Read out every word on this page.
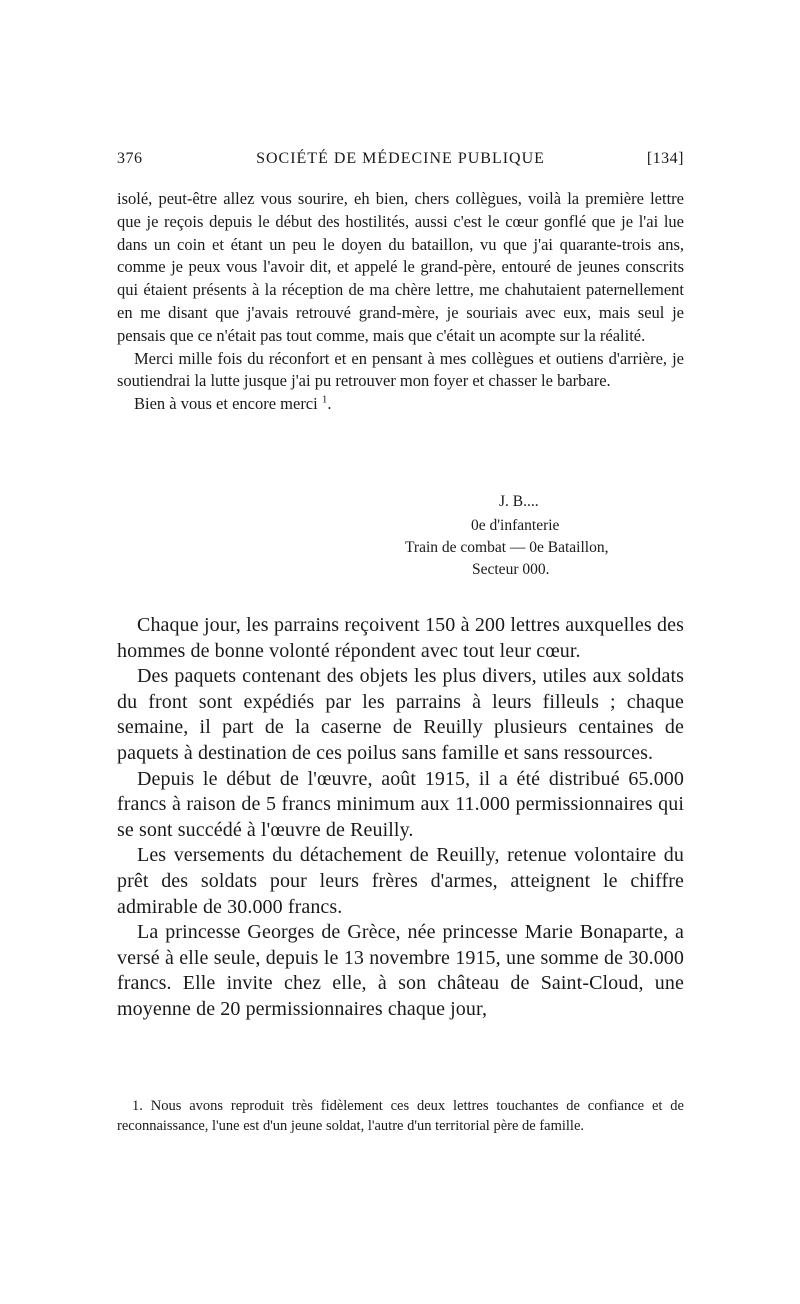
376	SOCIÉTÉ DE MÉDECINE PUBLIQUE	[134]

isolé, peut-être allez vous sourire, eh bien, chers collègues, voilà la première lettre que je reçois depuis le début des hostilités, aussi c'est le cœur gonflé que je l'ai lue dans un coin et étant un peu le doyen du bataillon, vu que j'ai quarante-trois ans, comme je peux vous l'avoir dit, et appelé le grand-père, entouré de jeunes conscrits qui étaient présents à la réception de ma chère lettre, me chahutaient paternellement en me disant que j'avais retrouvé grand-mère, je souriais avec eux, mais seul je pensais que ce n'était pas tout comme, mais que c'était un acompte sur la réalité.

Merci mille fois du réconfort et en pensant à mes collègues et outiens d'arrière, je soutiendrai la lutte jusque j'ai pu retrouver mon foyer et chasser le barbare.

Bien à vous et encore merci $^1$.

J. B....
0e d'infanterie
Train de combat — 0e Bataillon,
Secteur 000.

Chaque jour, les parrains reçoivent 150 à 200 lettres auxquelles des hommes de bonne volonté répondent avec tout leur cœur.

Des paquets contenant des objets les plus divers, utiles aux soldats du front sont expédiés par les parrains à leurs filleuls ; chaque semaine, il part de la caserne de Reuilly plusieurs centaines de paquets à destination de ces poilus sans famille et sans ressources.

Depuis le début de l'œuvre, août 1915, il a été distribué 65.000 francs à raison de 5 francs minimum aux 11.000 permissionnaires qui se sont succédé à l'œuvre de Reuilly.

Les versements du détachement de Reuilly, retenue volontaire du prêt des soldats pour leurs frères d'armes, atteignent le chiffre admirable de 30.000 francs.

La princesse Georges de Grèce, née princesse Marie Bonaparte, a versé à elle seule, depuis le 13 novembre 1915, une somme de 30.000 francs. Elle invite chez elle, à son château de Saint-Cloud, une moyenne de 20 permissionnaires chaque jour,

1. Nous avons reproduit très fidèlement ces deux lettres touchantes de confiance et de reconnaissance, l'une est d'un jeune soldat, l'autre d'un territorial père de famille.
